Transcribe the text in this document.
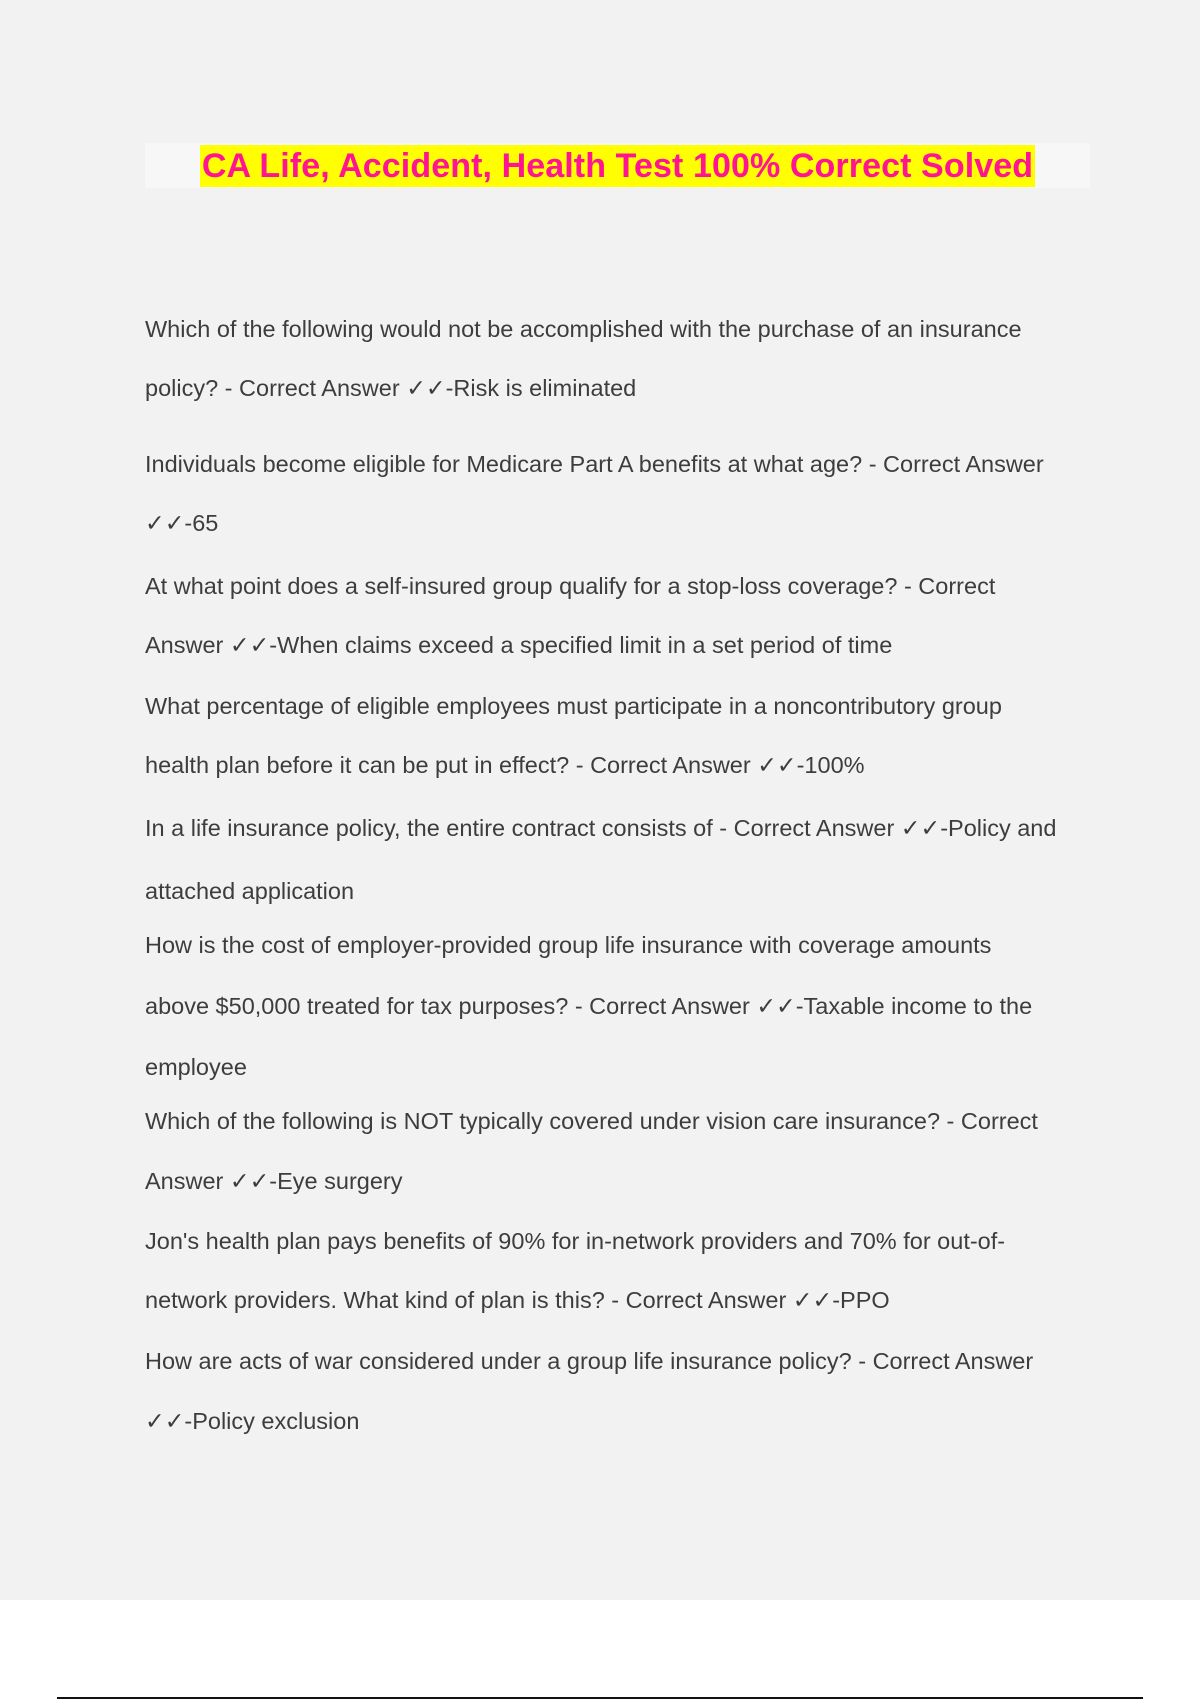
CA Life, Accident, Health Test 100% Correct Solved
Which of the following would not be accomplished with the purchase of an insurance
policy? - Correct Answer ✓✓-Risk is eliminated
Individuals become eligible for Medicare Part A benefits at what age? - Correct Answer
✓✓-65
At what point does a self-insured group qualify for a stop-loss coverage? - Correct
Answer ✓✓-When claims exceed a specified limit in a set period of time
What percentage of eligible employees must participate in a noncontributory group
health plan before it can be put in effect? - Correct Answer ✓✓-100%
In a life insurance policy, the entire contract consists of - Correct Answer ✓✓-Policy and
attached application
How is the cost of employer-provided group life insurance with coverage amounts
above $50,000 treated for tax purposes? - Correct Answer ✓✓-Taxable income to the
employee
Which of the following is NOT typically covered under vision care insurance? - Correct
Answer ✓✓-Eye surgery
Jon's health plan pays benefits of 90% for in-network providers and 70% for out-of-
network providers. What kind of plan is this? - Correct Answer ✓✓-PPO
How are acts of war considered under a group life insurance policy? - Correct Answer
✓✓-Policy exclusion
